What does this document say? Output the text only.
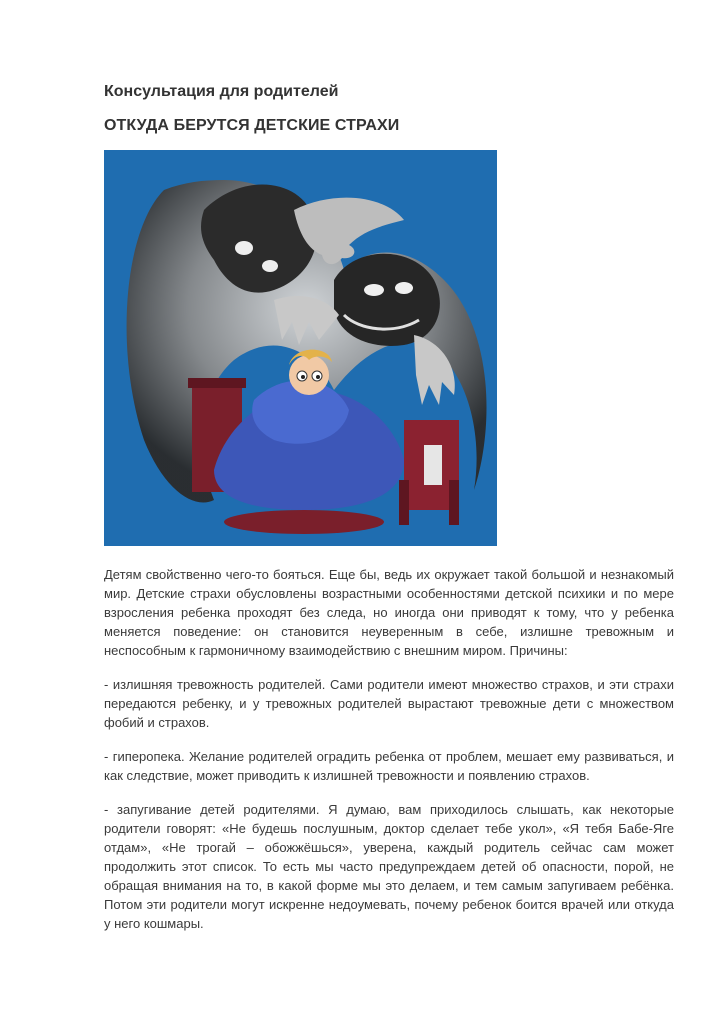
Консультация для родителей
ОТКУДА БЕРУТСЯ ДЕТСКИЕ СТРАХИ

Детям свойственно чего-то бояться. Еще бы, ведь их окружает такой большой и незнакомый мир. Детские страхи обусловлены возрастными особенностями детской психики и по мере взросления ребенка проходят без следа, но иногда они приводят к тому, что у ребенка меняется поведение: он становится неуверенным в себе, излишне тревожным и неспособным к гармоничному взаимодействию с внешним миром. Причины:

- излишняя тревожность родителей. Сами родители имеют множество страхов, и эти страхи передаются ребенку, и у тревожных родителей вырастают тревожные дети с множеством фобий и страхов.

- гиперопека. Желание родителей оградить ребенка от проблем, мешает ему развиваться, и как следствие, может приводить к излишней тревожности и появлению страхов.

- запугивание детей родителями. Я думаю, вам приходилось слышать, как некоторые родители говорят: «Не будешь послушным, доктор сделает тебе укол», «Я тебя Бабе-Яге отдам», «Не трогай – обожжёшься», уверена, каждый родитель сейчас сам может продолжить этот список. То есть мы часто предупреждаем детей об опасности, порой, не обращая внимания на то, в какой форме мы это делаем, и тем самым запугиваем ребёнка. Потом эти родители могут искренне недоумевать, почему ребенок боится врачей или откуда у него кошмары.
